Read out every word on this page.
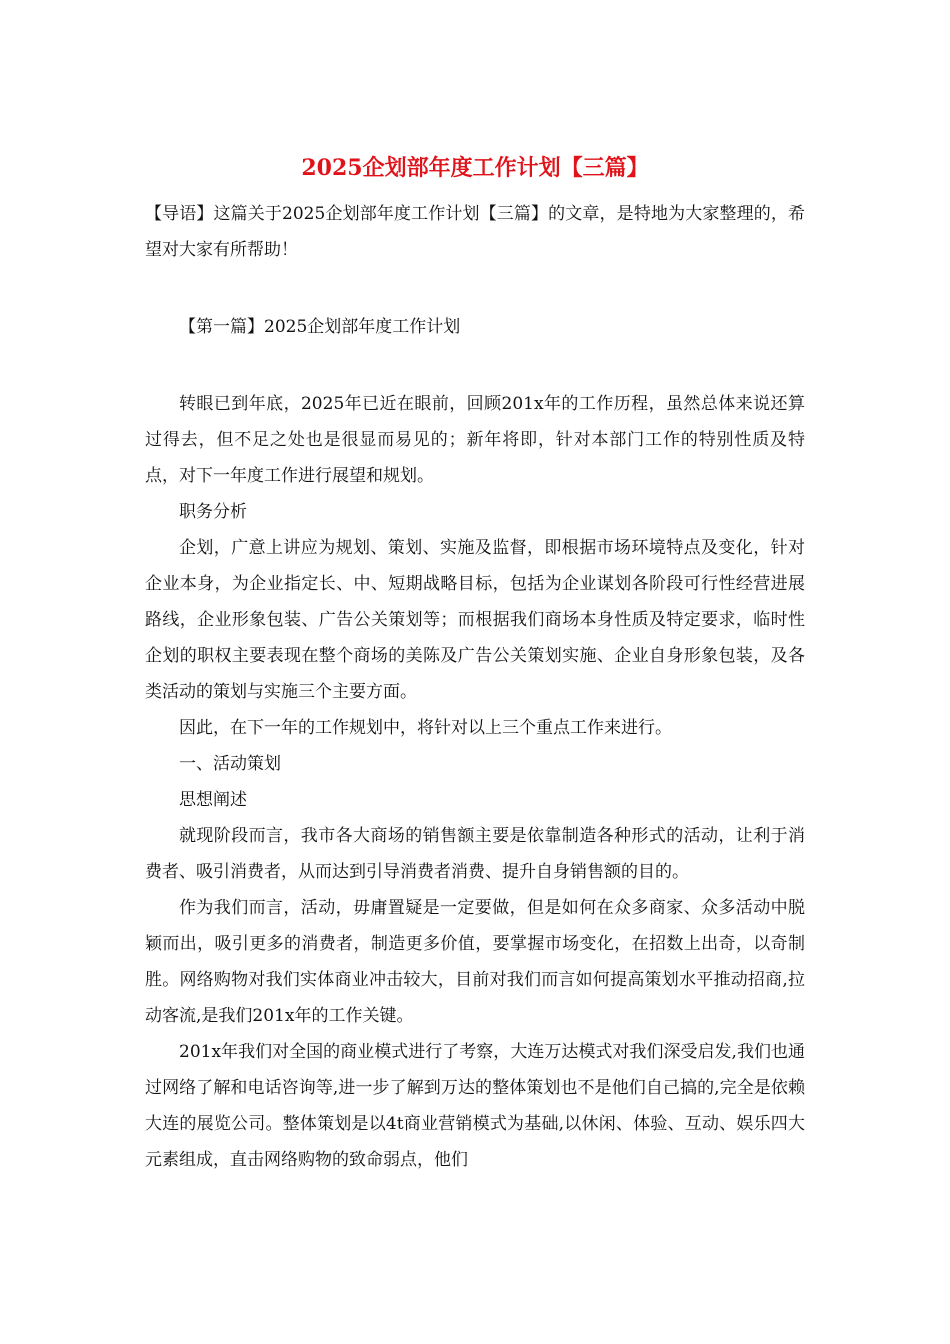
2025企划部年度工作计划【三篇】

【导语】这篇关于2025企划部年度工作计划【三篇】的文章，是特地为大家整理的，希望对大家有所帮助！

【第一篇】2025企划部年度工作计划

转眼已到年底，2025年已近在眼前，回顾201x年的工作历程，虽然总体来说还算过得去，但不足之处也是很显而易见的；新年将即，针对本部门工作的特别性质及特点，对下一年度工作进行展望和规划。

职务分析

企划，广意上讲应为规划、策划、实施及监督，即根据市场环境特点及变化，针对企业本身，为企业指定长、中、短期战略目标，包括为企业谋划各阶段可行性经营进展路线，企业形象包装、广告公关策划等；而根据我们商场本身性质及特定要求，临时性企划的职权主要表现在整个商场的美陈及广告公关策划实施、企业自身形象包装，及各类活动的策划与实施三个主要方面。

因此，在下一年的工作规划中，将针对以上三个重点工作来进行。

一、活动策划

思想阐述

就现阶段而言，我市各大商场的销售额主要是依靠制造各种形式的活动，让利于消费者、吸引消费者，从而达到引导消费者消费、提升自身销售额的目的。

作为我们而言，活动，毋庸置疑是一定要做，但是如何在众多商家、众多活动中脱颖而出，吸引更多的消费者，制造更多价值，要掌握市场变化，在招数上出奇，以奇制胜。网络购物对我们实体商业冲击较大，目前对我们而言如何提高策划水平推动招商,拉动客流,是我们201x年的工作关键。

201x年我们对全国的商业模式进行了考察，大连万达模式对我们深受启发,我们也通过网络了解和电话咨询等,进一步了解到万达的整体策划也不是他们自己搞的,完全是依赖大连的展览公司。整体策划是以4t商业营销模式为基础,以休闲、体验、互动、娱乐四大元素组成，直击网络购物的致命弱点，他们
